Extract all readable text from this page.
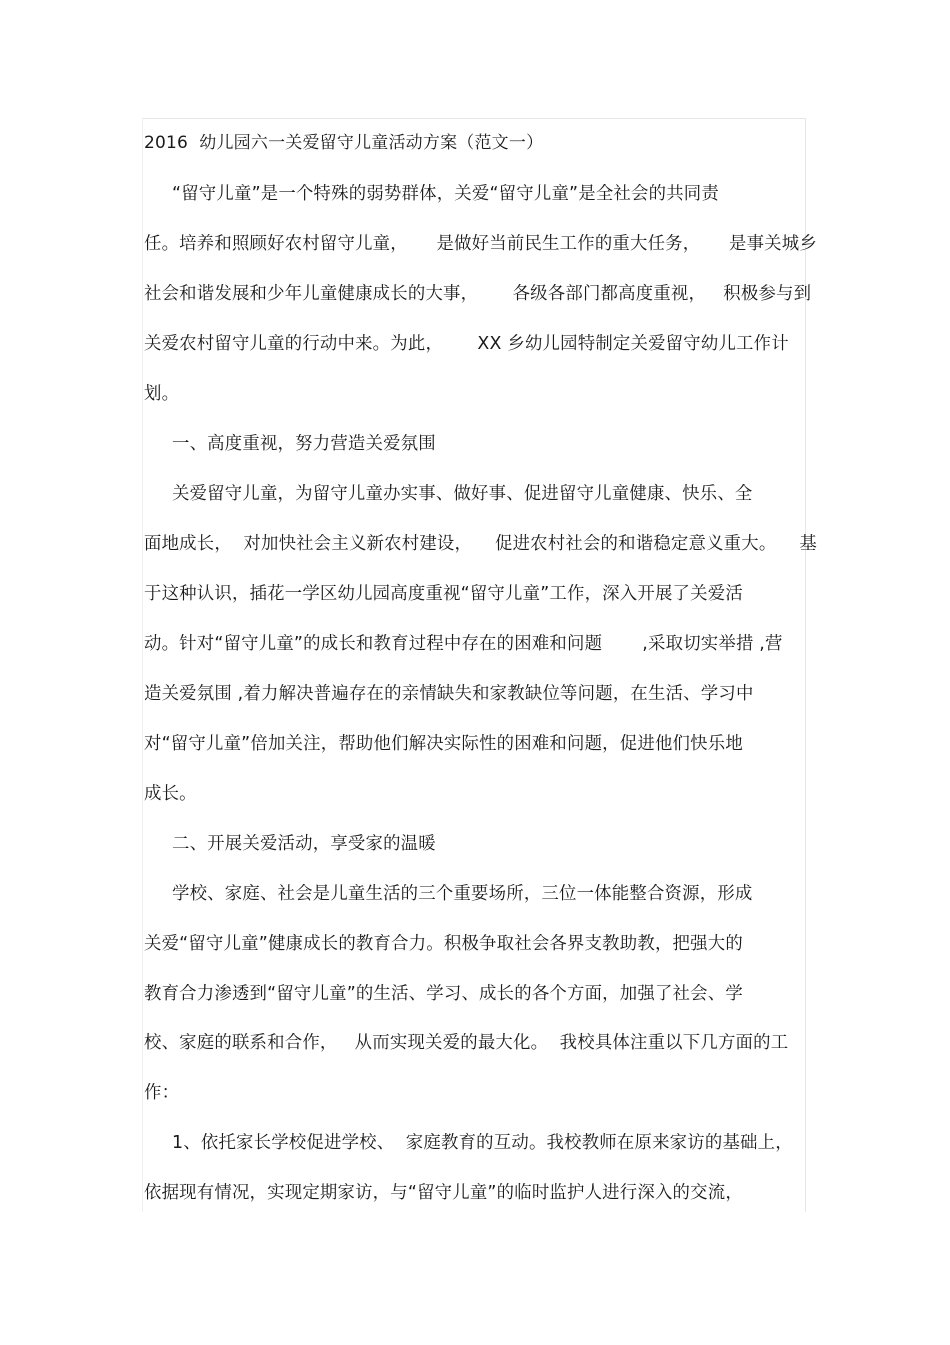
2016  幼儿园六一关爱留守儿童活动方案（范文一）
“留守儿童”是一个特殊的弱势群体，关爱“留守儿童”是全社会的共同责
任。培养和照顾好农村留守儿童，     是做好当前民生工作的重大任务，     是事关城乡
社会和谐发展和少年儿童健康成长的大事，      各级各部门都高度重视，   积极参与到
关爱农村留守儿童的行动中来。为此，      XX 乡幼儿园特制定关爱留守幼儿工作计
划。
一、高度重视，努力营造关爱氛围
关爱留守儿童，为留守儿童办实事、做好事、促进留守儿童健康、快乐、全
面地成长，  对加快社会主义新农村建设，    促进农村社会的和谐稳定意义重大。    基
于这种认识，插花一学区幼儿园高度重视“留守儿童”工作，深入开展了关爱活
动。针对“留守儿童”的成长和教育过程中存在的困难和问题       ,采取切实举措 ,营
造关爱氛围 ,着力解决普遍存在的亲情缺失和家教缺位等问题，在生活、学习中
对“留守儿童”倍加关注，帮助他们解决实际性的困难和问题，促进他们快乐地
成长。
二、开展关爱活动，享受家的温暖
学校、家庭、社会是儿童生活的三个重要场所，三位一体能整合资源，形成
关爱“留守儿童”健康成长的教育合力。积极争取社会各界支教助教，把强大的
教育合力渗透到“留守儿童”的生活、学习、成长的各个方面，加强了社会、学
校、家庭的联系和合作，   从而实现关爱的最大化。  我校具体注重以下几方面的工
作：
1、依托家长学校促进学校、  家庭教育的互动。我校教师在原来家访的基础上，
依据现有情况，实现定期家访，与“留守儿童”的临时监护人进行深入的交流，
